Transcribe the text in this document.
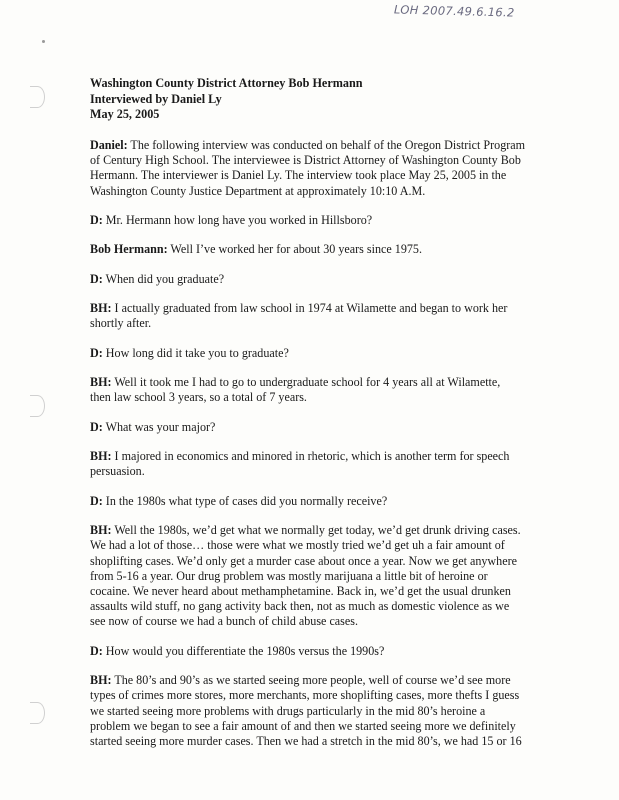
LOH 2007.49.6.16.2
Washington County District Attorney Bob Hermann
Interviewed by Daniel Ly
May 25, 2005
Daniel: The following interview was conducted on behalf of the Oregon District Program
of Century High School. The interviewee is District Attorney of Washington County Bob
Hermann. The interviewer is Daniel Ly. The interview took place May 25, 2005 in the
Washington County Justice Department at approximately 10:10 A.M.
D: Mr. Hermann how long have you worked in Hillsboro?
Bob Hermann: Well I’ve worked her for about 30 years since 1975.
D: When did you graduate?
BH: I actually graduated from law school in 1974 at Wilamette and began to work her
shortly after.
D: How long did it take you to graduate?
BH: Well it took me I had to go to undergraduate school for 4 years all at Wilamette,
then law school 3 years, so a total of 7 years.
D: What was your major?
BH: I majored in economics and minored in rhetoric, which is another term for speech
persuasion.
D: In the 1980s what type of cases did you normally receive?
BH: Well the 1980s, we’d get what we normally get today, we’d get drunk driving cases.
We had a lot of those… those were what we mostly tried we’d get uh a fair amount of
shoplifting cases. We’d only get a murder case about once a year. Now we get anywhere
from 5-16 a year. Our drug problem was mostly marijuana a little bit of heroine or
cocaine. We never heard about methamphetamine. Back in, we’d get the usual drunken
assaults wild stuff, no gang activity back then, not as much as domestic violence as we
see now of course we had a bunch of child abuse cases.
D: How would you differentiate the 1980s versus the 1990s?
BH: The 80’s and 90’s as we started seeing more people, well of course we’d see more
types of crimes more stores, more merchants, more shoplifting cases, more thefts I guess
we started seeing more problems with drugs particularly in the mid 80’s heroine a
problem we began to see a fair amount of and then we started seeing more we definitely
started seeing more murder cases. Then we had a stretch in the mid 80’s, we had 15 or 16
